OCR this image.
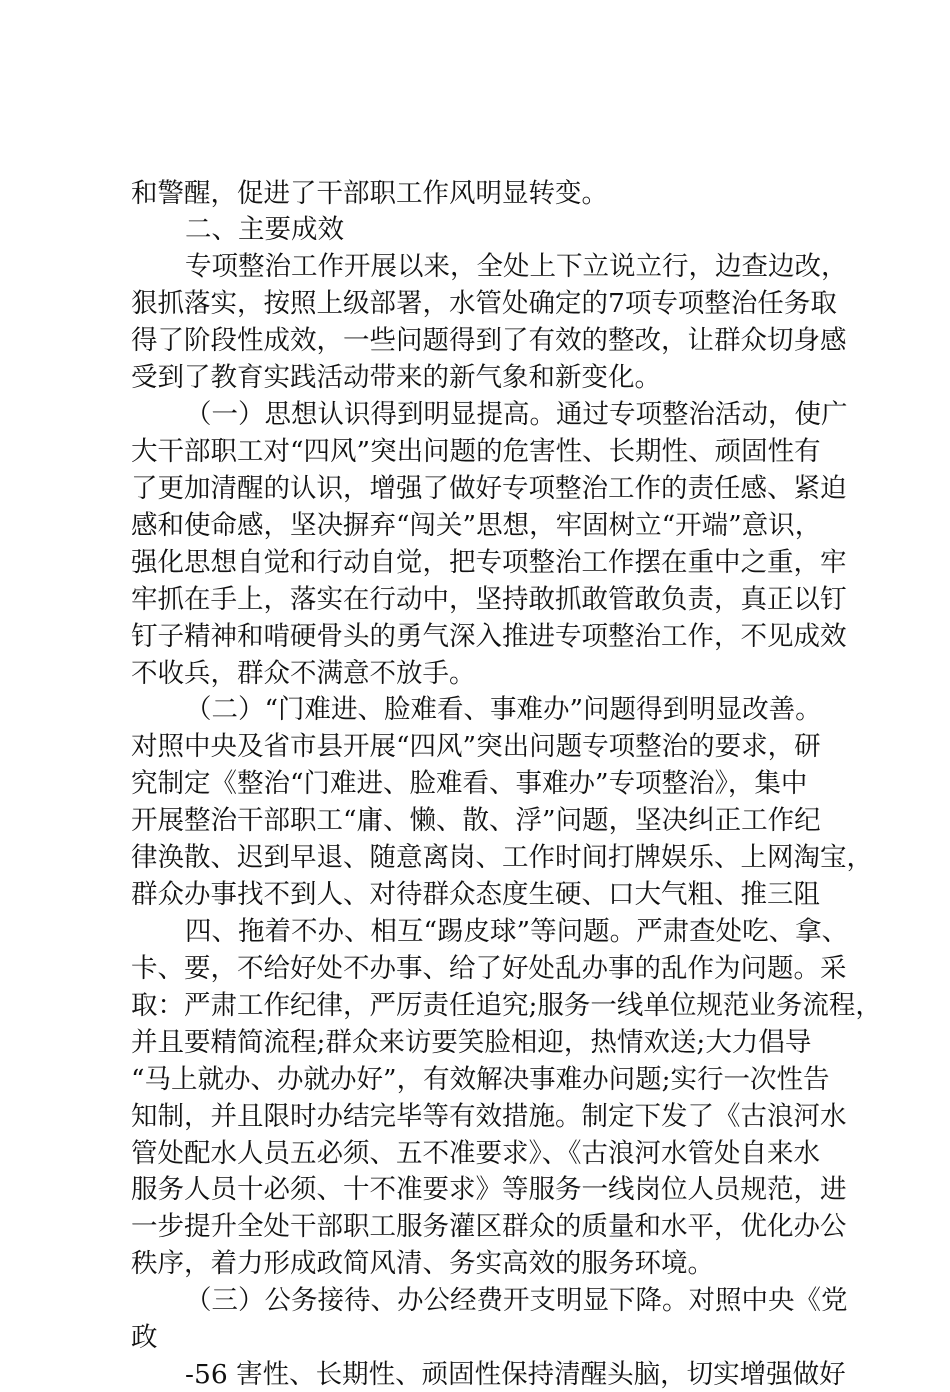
和警醒，促进了干部职工作风明显转变。

二、主要成效

专项整治工作开展以来，全处上下立说立行，边查边改，

狠抓落实，按照上级部署，水管处确定的7项专项整治任务取

得了阶段性成效，一些问题得到了有效的整改，让群众切身感

受到了教育实践活动带来的新气象和新变化。

（一）思想认识得到明显提高。通过专项整治活动，使广

大干部职工对“四风”突出问题的危害性、长期性、顽固性有

了更加清醒的认识，增强了做好专项整治工作的责任感、紧迫

感和使命感，坚决摒弃“闯关”思想，牢固树立“开端”意识，

强化思想自觉和行动自觉，把专项整治工作摆在重中之重，牢

牢抓在手上，落实在行动中，坚持敢抓敢管敢负责，真正以钉

钉子精神和啃硬骨头的勇气深入推进专项整治工作，不见成效

不收兵，群众不满意不放手。

（二）“门难进、脸难看、事难办”问题得到明显改善。

对照中央及省市县开展“四风”突出问题专项整治的要求，研

究制定《整治“门难进、脸难看、事难办”专项整治》，集中

开展整治干部职工“庸、懒、散、浮”问题，坚决纠正工作纪

律涣散、迟到早退、随意离岗、工作时间打牌娱乐、上网淘宝，

群众办事找不到人、对待群众态度生硬、口大气粗、推三阻

四、拖着不办、相互“踢皮球”等问题。严肃查处吃、拿、

卡、要，不给好处不办事、给了好处乱办事的乱作为问题。采

取：严肃工作纪律，严厉责任追究;服务一线单位规范业务流程，

并且要精简流程;群众来访要笑脸相迎，热情欢送;大力倡导

“马上就办、办就办好”，有效解决事难办问题;实行一次性告

知制，并且限时办结完毕等有效措施。制定下发了《古浪河水

管处配水人员五必须、五不准要求》、《古浪河水管处自来水

服务人员十必须、十不准要求》等服务一线岗位人员规范，进

一步提升全处干部职工服务灌区群众的质量和水平，优化办公

秩序，着力形成政简风清、务实高效的服务环境。

（三）公务接待、办公经费开支明显下降。对照中央《党

政

-56 害性、长期性、顽固性保持清醒头脑，切实增强做好
